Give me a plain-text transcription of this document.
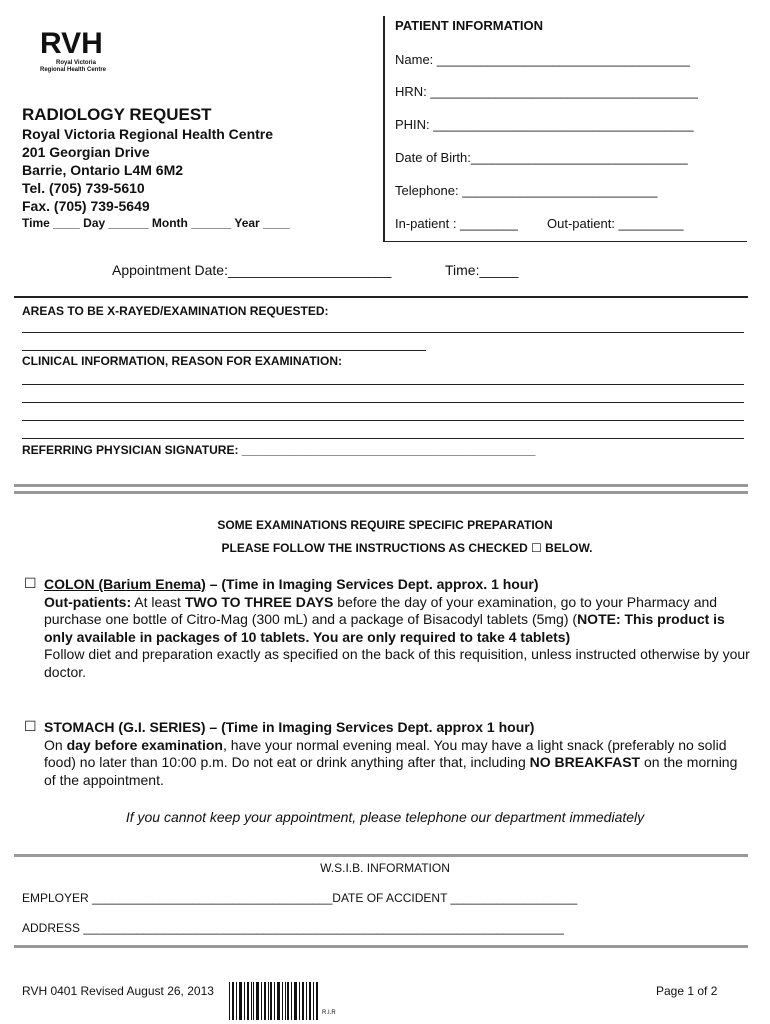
RVH
Royal Victoria
Regional Health Centre
RADIOLOGY REQUEST
Royal Victoria Regional Health Centre
201 Georgian Drive
Barrie, Ontario L4M 6M2
Tel. (705) 739-5610
Fax. (705) 739-5649
Time ____ Day ______ Month ______ Year ____
PATIENT INFORMATION
Name: ___________________________________
HRN: _____________________________________
PHIN: ____________________________________
Date of Birth:______________________________
Telephone: ___________________________
In-patient : ________ Out-patient: _________
Appointment Date:_____________________	Time:_____
AREAS TO BE X-RAYED/EXAMINATION REQUESTED:
CLINICAL INFORMATION, REASON FOR EXAMINATION:
REFERRING PHYSICIAN SIGNATURE: ____________________________________________
SOME EXAMINATIONS REQUIRE SPECIFIC PREPARATION
PLEASE FOLLOW THE INSTRUCTIONS AS CHECKED ☐ BELOW.
☐ COLON (Barium Enema) – (Time in Imaging Services Dept. approx. 1 hour)
Out-patients: At least TWO TO THREE DAYS before the day of your examination, go to your Pharmacy and purchase one bottle of Citro-Mag (300 mL) and a package of Bisacodyl tablets (5mg) (NOTE: This product is only available in packages of 10 tablets. You are only required to take 4 tablets)
Follow diet and preparation exactly as specified on the back of this requisition, unless instructed otherwise by your doctor.
☐ STOMACH (G.I. SERIES) – (Time in Imaging Services Dept. approx 1 hour)
On day before examination, have your normal evening meal. You may have a light snack (preferably no solid food) no later than 10:00 p.m. Do not eat or drink anything after that, including NO BREAKFAST on the morning of the appointment.
If you cannot keep your appointment, please telephone our department immediately
W.S.I.B. INFORMATION
EMPLOYER ____________________________________DATE OF ACCIDENT ___________________
ADDRESS ________________________________________________________________________
RVH 0401 Revised August 26, 2013
R.I.R
Page 1 of 2
